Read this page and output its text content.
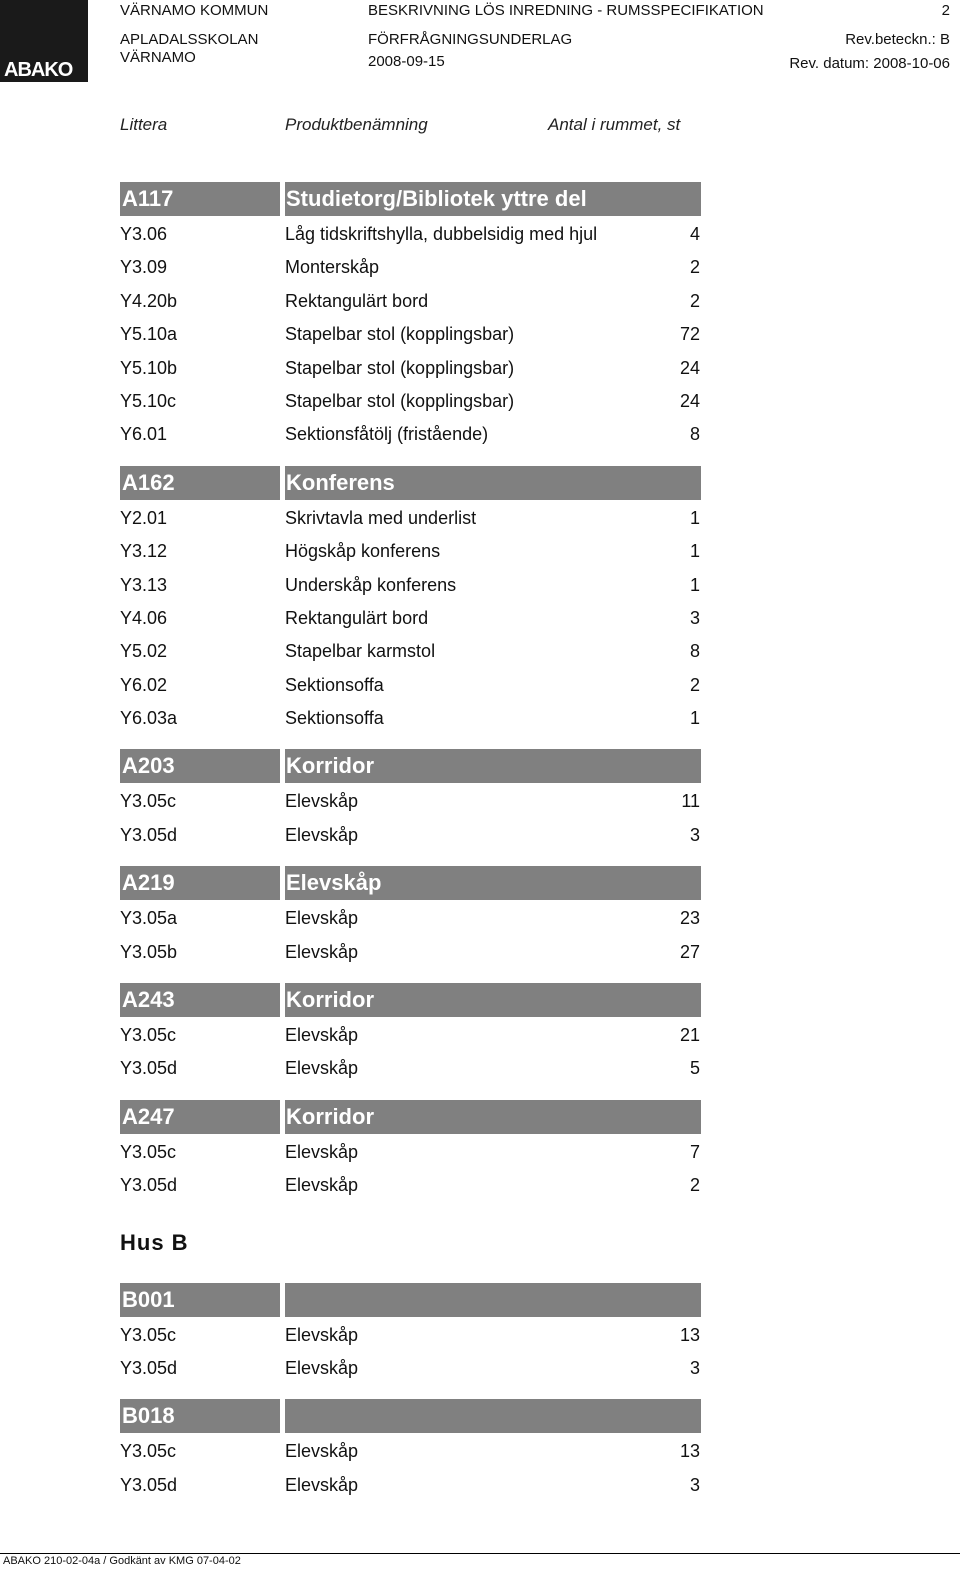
ABAKO
VÄRNAMO KOMMUN
APLADALSSKOLAN
VÄRNAMO
BESKRIVNING LÖS INREDNING - RUMSSPECIFIKATION
FÖRFRÅGNINGSUNDERLAG
2008-09-15
2
Rev.beteckn.: B
Rev. datum: 2008-10-06
Littera	Produktbenämning	Antal i rummet, st
A117	Studietorg/Bibliotek yttre del
Y3.06	Låg tidskriftshylla, dubbelsidig med hjul	4
Y3.09	Monterskåp	2
Y4.20b	Rektangulärt bord	2
Y5.10a	Stapelbar stol (kopplingsbar)	72
Y5.10b	Stapelbar stol (kopplingsbar)	24
Y5.10c	Stapelbar stol (kopplingsbar)	24
Y6.01	Sektionsfåtölj (fristående)	8
A162	Konferens
Y2.01	Skrivtavla med underlist	1
Y3.12	Högskåp konferens	1
Y3.13	Underskåp konferens	1
Y4.06	Rektangulärt bord	3
Y5.02	Stapelbar karmstol	8
Y6.02	Sektionsoffa	2
Y6.03a	Sektionsoffa	1
A203	Korridor
Y3.05c	Elevskåp	11
Y3.05d	Elevskåp	3
A219	Elevskåp
Y3.05a	Elevskåp	23
Y3.05b	Elevskåp	27
A243	Korridor
Y3.05c	Elevskåp	21
Y3.05d	Elevskåp	5
A247	Korridor
Y3.05c	Elevskåp	7
Y3.05d	Elevskåp	2
Hus B
B001
Y3.05c	Elevskåp	13
Y3.05d	Elevskåp	3
B018
Y3.05c	Elevskåp	13
Y3.05d	Elevskåp	3
ABAKO 210-02-04a / Godkänt av KMG 07-04-02
